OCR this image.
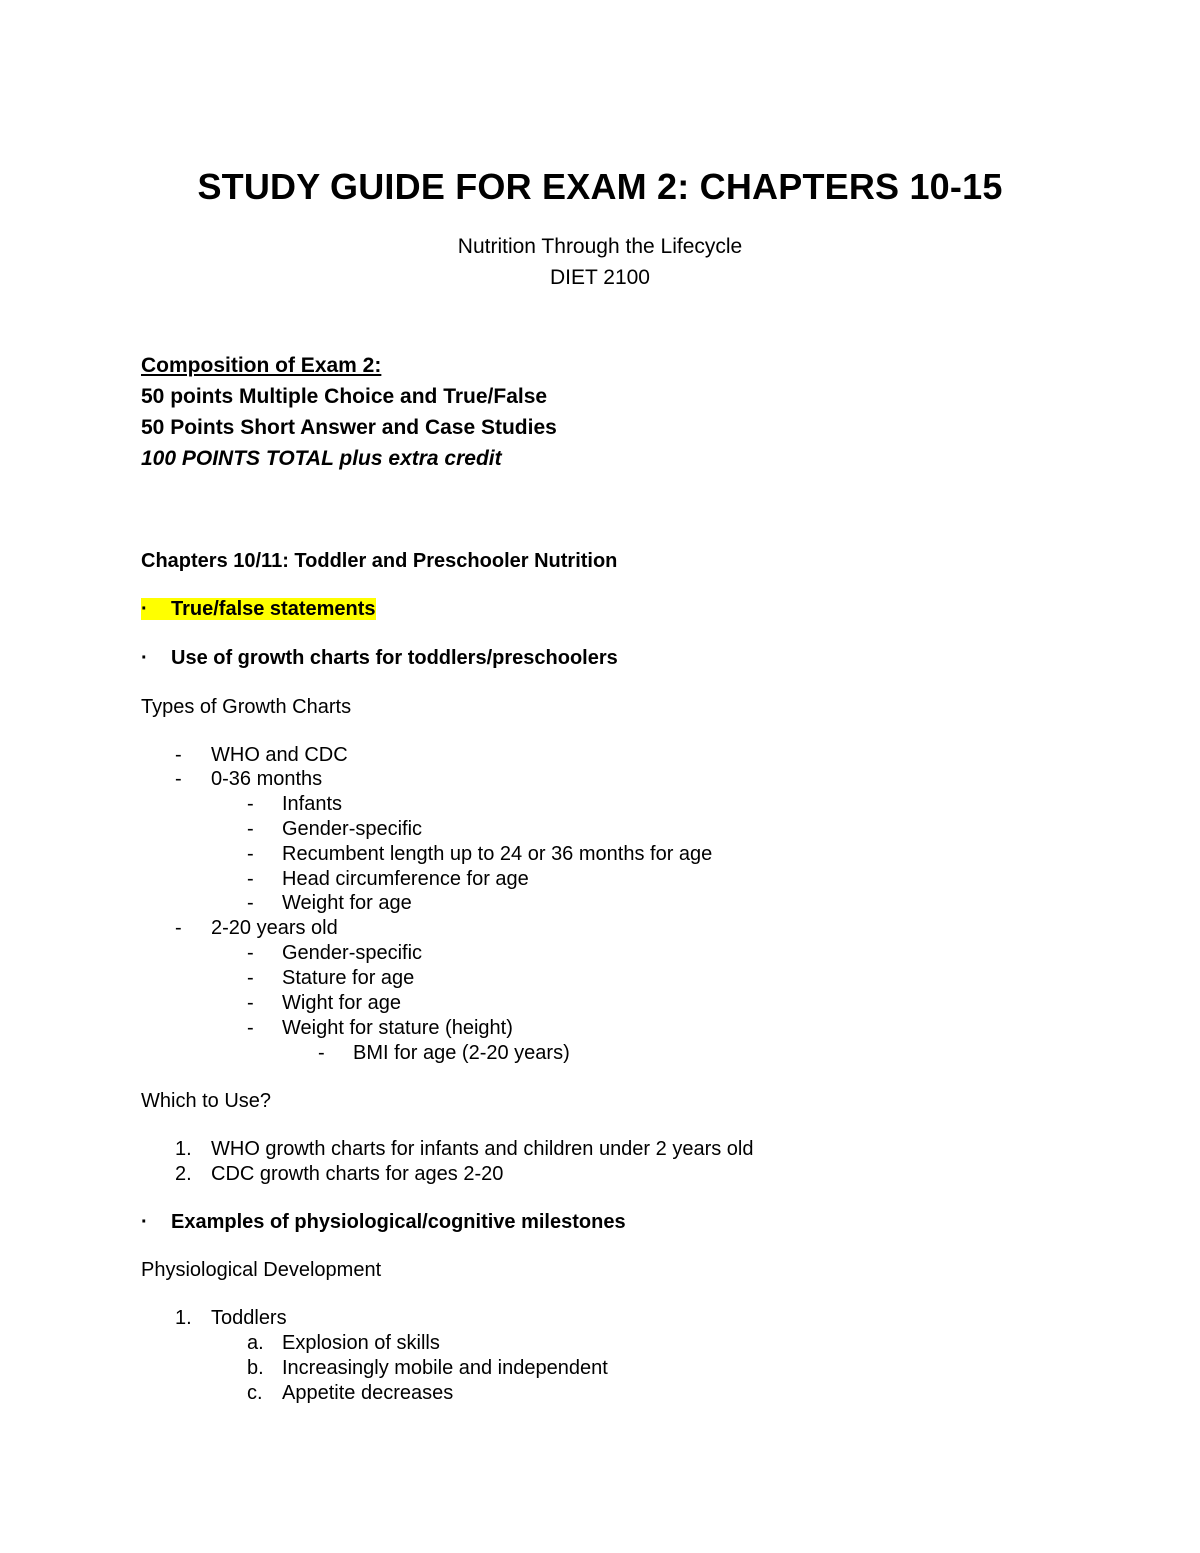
STUDY GUIDE FOR EXAM 2: CHAPTERS 10-15
Nutrition Through the Lifecycle
DIET 2100
Composition of Exam 2:
50 points Multiple Choice and True/False
50 Points Short Answer and Case Studies
100 POINTS TOTAL plus extra credit
Chapters 10/11: Toddler and Preschooler Nutrition
· True/false statements
· Use of growth charts for toddlers/preschoolers
Types of Growth Charts
- WHO and CDC
- 0-36 months
- Infants
- Gender-specific
- Recumbent length up to 24 or 36 months for age
- Head circumference for age
- Weight for age
- 2-20 years old
- Gender-specific
- Stature for age
- Wight for age
- Weight for stature (height)
- BMI for age (2-20 years)
Which to Use?
1. WHO growth charts for infants and children under 2 years old
2. CDC growth charts for ages 2-20
· Examples of physiological/cognitive milestones
Physiological Development
1. Toddlers
a. Explosion of skills
b. Increasingly mobile and independent
c. Appetite decreases
